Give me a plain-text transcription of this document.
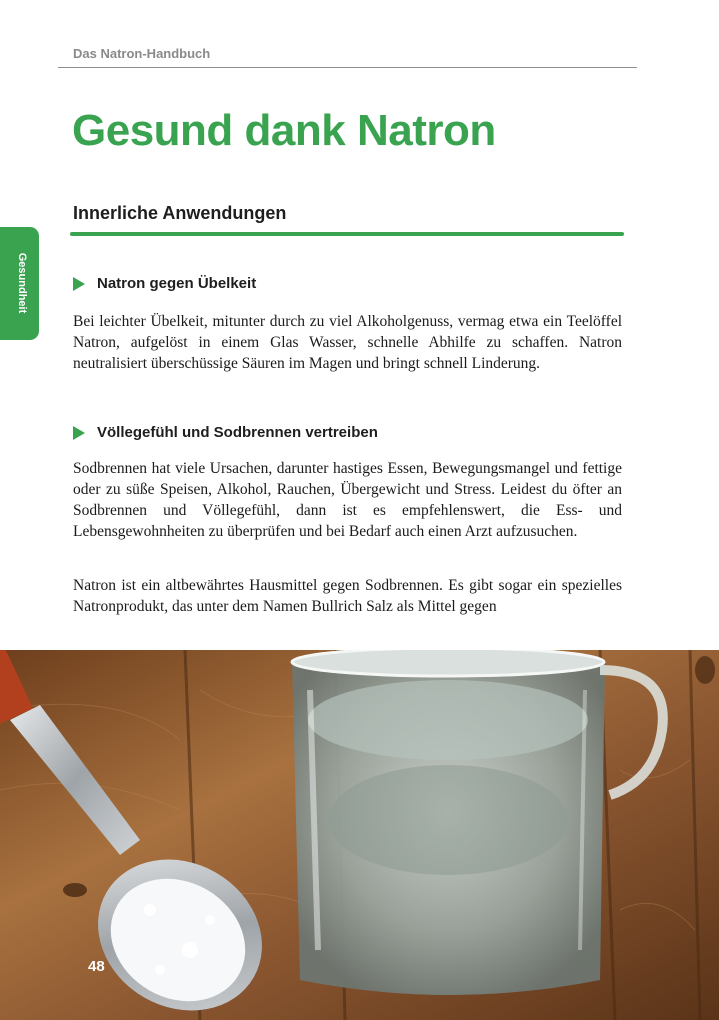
Das Natron-Handbuch
Gesundheit
Gesund dank Natron
Innerliche Anwendungen
Natron gegen Übelkeit

Bei leichter Übelkeit, mitunter durch zu viel Alkoholgenuss, vermag etwa ein Teelöffel Natron, aufgelöst in einem Glas Wasser, schnelle Abhilfe zu schaffen. Natron neutralisiert überschüssige Säuren im Magen und bringt schnell Linderung.

Völlegefühl und Sodbrennen vertreiben

Sodbrennen hat viele Ursachen, darunter hastiges Essen, Bewegungsmangel und fettige oder zu süße Speisen, Alkohol, Rauchen, Übergewicht und Stress. Leidest du öfter an Sodbrennen und Völlegefühl, dann ist es empfehlenswert, die Ess- und Lebensgewohnheiten zu überprüfen und bei Bedarf auch einen Arzt aufzusuchen.

Natron ist ein altbewährtes Hausmittel gegen Sodbrennen. Es gibt sogar ein spezielles Natronprodukt, das unter dem Namen Bullrich Salz als Mittel gegen

48
